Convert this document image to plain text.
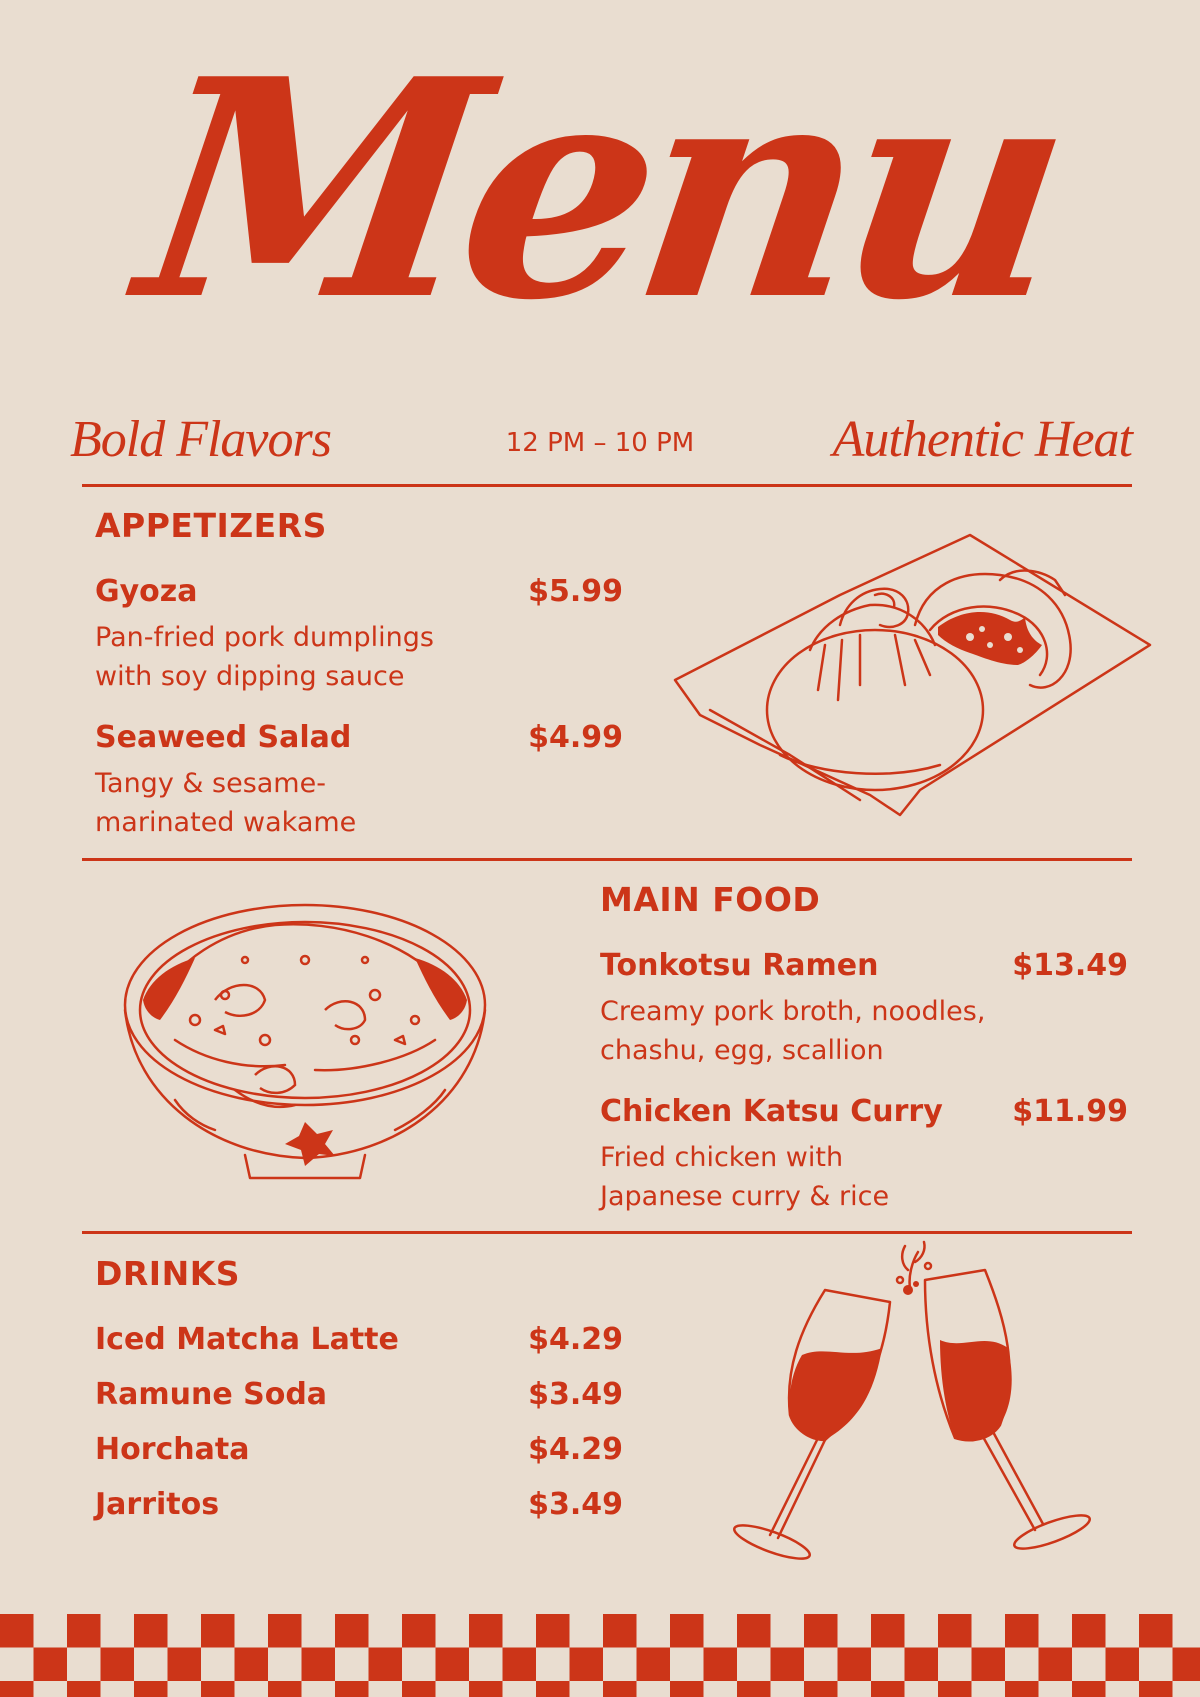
Menu
Bold Flavors	12 PM – 10 PM	Authentic Heat
APPETIZERS
Gyoza	$5.99
Pan-fried pork dumplings
with soy dipping sauce
Seaweed Salad	$4.99
Tangy & sesame-
marinated wakame
MAIN FOOD
Tonkotsu Ramen	$13.49
Creamy pork broth, noodles,
chashu, egg, scallion
Chicken Katsu Curry	$11.99
Fried chicken with
Japanese curry & rice
DRINKS
Iced Matcha Latte	$4.29
Ramune Soda	$3.49
Horchata	$4.29
Jarritos	$3.49
